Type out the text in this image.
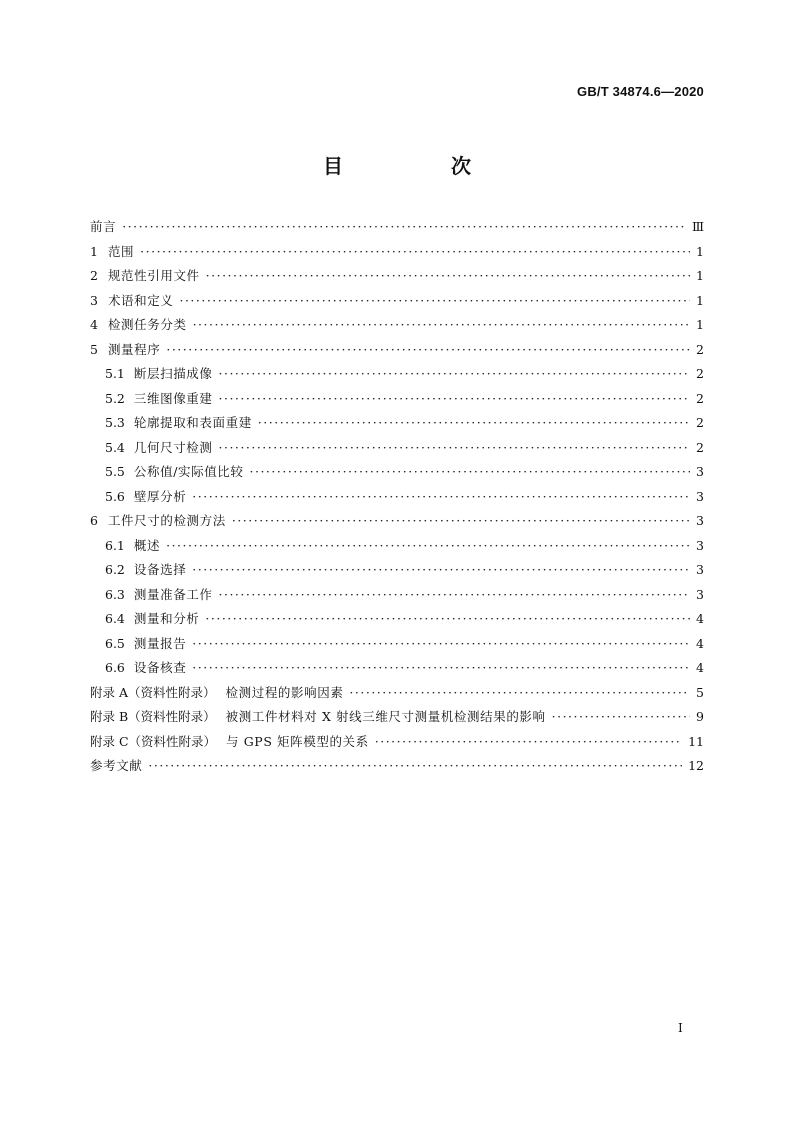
GB/T 34874.6—2020
目　次
前言 ·····	Ⅲ
1 范围 ·····	1
2 规范性引用文件 ·····	1
3 术语和定义 ·····	1
4 检测任务分类 ·····	1
5 测量程序 ·····	2
5.1 断层扫描成像 ·····	2
5.2 三维图像重建 ·····	2
5.3 轮廓提取和表面重建 ·····	2
5.4 几何尺寸检测 ·····	2
5.5 公称值/实际值比较 ·····	3
5.6 壁厚分析 ·····	3
6 工件尺寸的检测方法 ·····	3
6.1 概述 ·····	3
6.2 设备选择 ·····	3
6.3 测量准备工作 ·····	3
6.4 测量和分析 ·····	4
6.5 测量报告 ·····	4
6.6 设备核查 ·····	4
附录 A（资料性附录） 检测过程的影响因素 ·····	5
附录 B（资料性附录） 被测工件材料对 X 射线三维尺寸测量机检测结果的影响 ·····	9
附录 C（资料性附录） 与 GPS 矩阵模型的关系 ·····	11
参考文献 ·····	12
I
